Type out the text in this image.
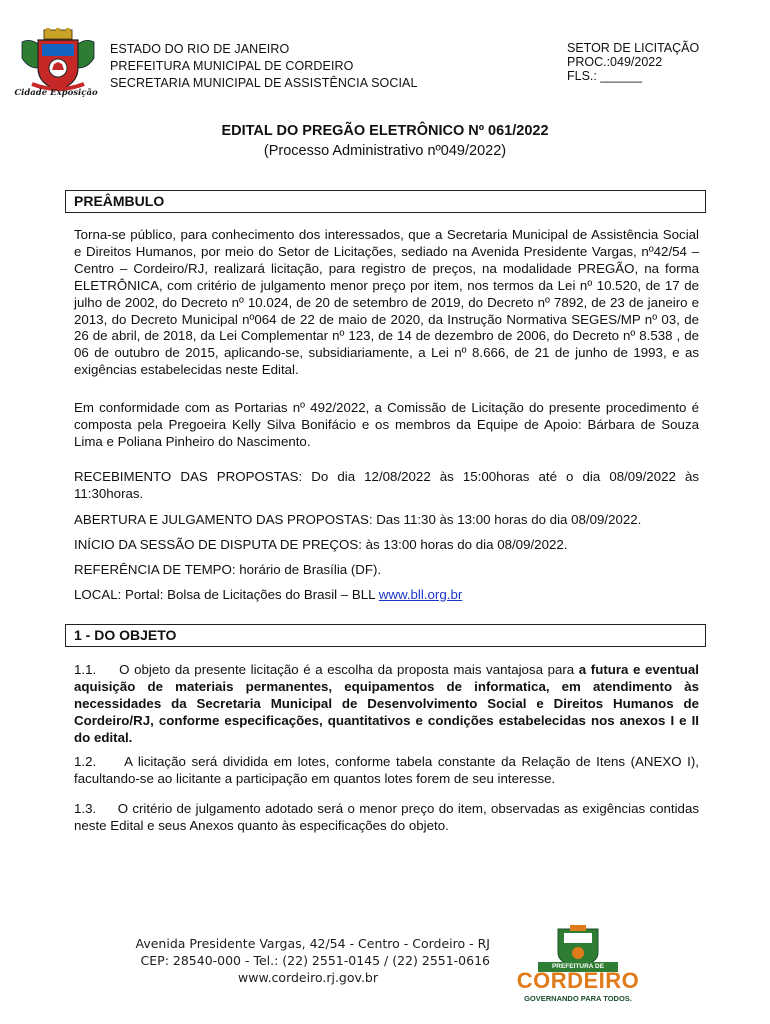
Cidade Exposição
ESTADO DO RIO DE JANEIRO
PREFEITURA MUNICIPAL DE CORDEIRO
SECRETARIA MUNICIPAL DE ASSISTÊNCIA SOCIAL
SETOR DE LICITAÇÃO
PROC.:049/2022
FLS.: ______
EDITAL DO PREGÃO ELETRÔNICO Nº 061/2022
(Processo Administrativo nº049/2022)
PREÂMBULO
Torna-se público, para conhecimento dos interessados, que a Secretaria Municipal de Assistência Social e Direitos Humanos, por meio do Setor de Licitações, sediado na Avenida Presidente Vargas, nº42/54 – Centro – Cordeiro/RJ, realizará licitação, para registro de preços, na modalidade PREGÃO, na forma ELETRÔNICA, com critério de julgamento menor preço por item, nos termos da Lei nº 10.520, de 17 de julho de 2002, do Decreto nº 10.024, de 20 de setembro de 2019, do Decreto nº 7892, de 23 de janeiro e 2013, do Decreto Municipal nº064 de 22 de maio de 2020, da Instrução Normativa SEGES/MP nº 03, de 26 de abril, de 2018, da Lei Complementar nº 123, de 14 de dezembro de 2006, do Decreto nº 8.538 , de 06 de outubro de 2015, aplicando-se, subsidiariamente, a Lei nº 8.666, de 21 de junho de 1993, e as exigências estabelecidas neste Edital.
Em conformidade com as Portarias nº 492/2022, a Comissão de Licitação do presente procedimento é composta pela Pregoeira Kelly Silva Bonifácio e os membros da Equipe de Apoio: Bárbara de Souza Lima e Poliana Pinheiro do Nascimento.
RECEBIMENTO DAS PROPOSTAS: Do dia 12/08/2022 às 15:00horas até o dia 08/09/2022 às 11:30horas.
ABERTURA E JULGAMENTO DAS PROPOSTAS: Das 11:30 às 13:00 horas do dia 08/09/2022.
INÍCIO DA SESSÃO DE DISPUTA DE PREÇOS: às 13:00 horas do dia 08/09/2022.
REFERÊNCIA DE TEMPO: horário de Brasília (DF).
LOCAL: Portal: Bolsa de Licitações do Brasil – BLL www.bll.org.br
1 - DO OBJETO
1.1. O objeto da presente licitação é a escolha da proposta mais vantajosa para a futura e eventual aquisição de materiais permanentes, equipamentos de informatica, em atendimento às necessidades da Secretaria Municipal de Desenvolvimento Social e Direitos Humanos de Cordeiro/RJ, conforme especificações, quantitativos e condições estabelecidas nos anexos I e II do edital.
1.2. A licitação será dividida em lotes, conforme tabela constante da Relação de Itens (ANEXO I), facultando-se ao licitante a participação em quantos lotes forem de seu interesse.
1.3. O critério de julgamento adotado será o menor preço do item, observadas as exigências contidas neste Edital e seus Anexos quanto às especificações do objeto.
Avenida Presidente Vargas, 42/54 - Centro - Cordeiro - RJ
CEP: 28540-000 - Tel.: (22) 2551-0145 / (22) 2551-0616
www.cordeiro.rj.gov.br
PREFEITURA DE
CORDEIRO
GOVERNANDO PARA TODOS.
